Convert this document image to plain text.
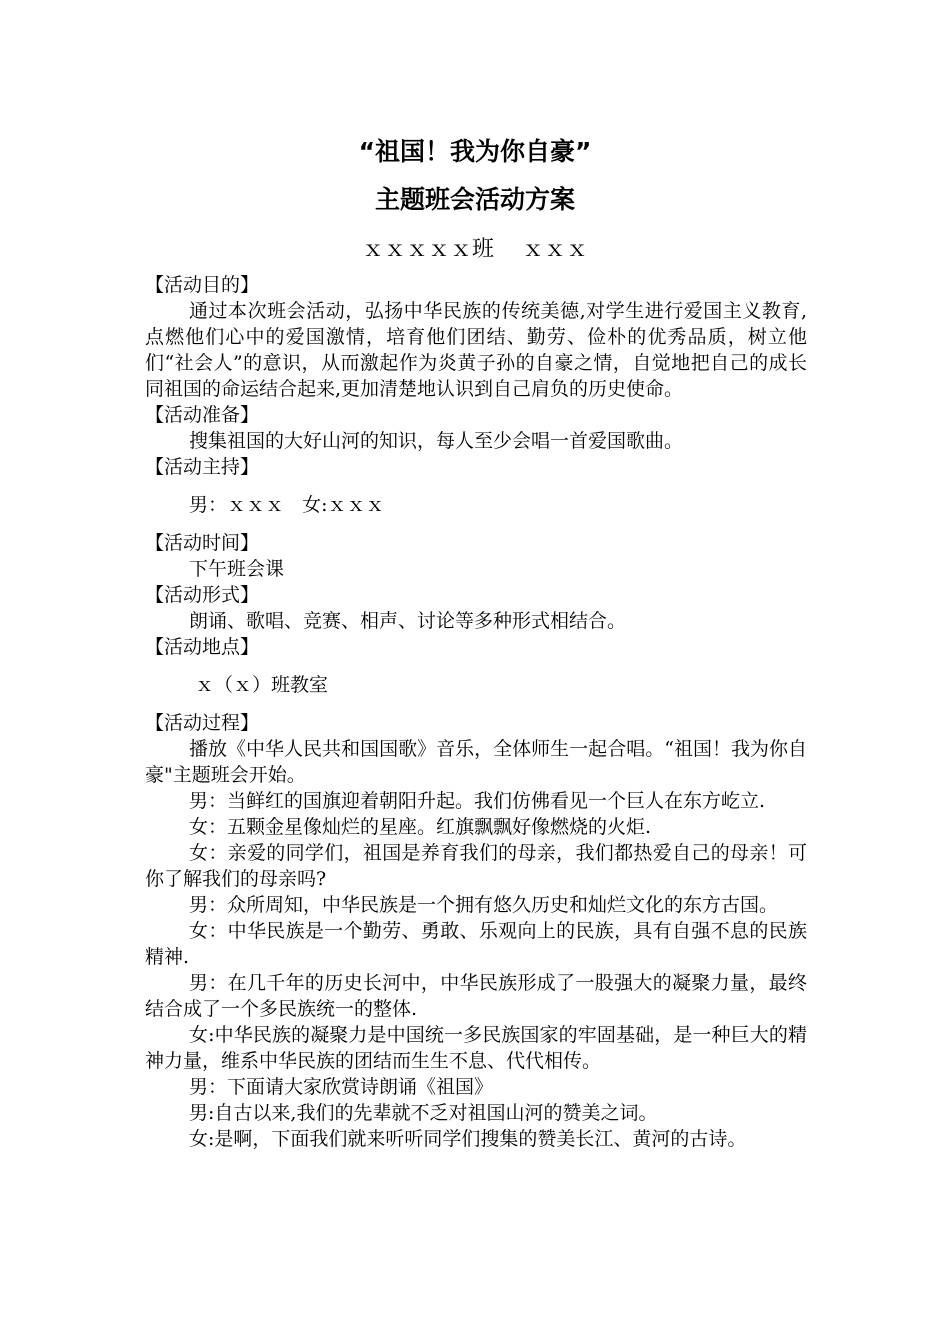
“祖国！我为你自豪”
主题班会活动方案

ｘｘｘｘｘ班    ｘｘｘ

【活动目的】

通过本次班会活动，弘扬中华民族的传统美德,对学生进行爱国主义教育,点燃他们心中的爱国激情，培育他们团结、勤劳、俭朴的优秀品质，树立他们“社会人”的意识，从而激起作为炎黄子孙的自豪之情，自觉地把自己的成长同祖国的命运结合起来,更加清楚地认识到自己肩负的历史使命。

【活动准备】

搜集祖国的大好山河的知识，每人至少会唱一首爱国歌曲。

【活动主持】

男：ｘｘｘ   女:ｘｘｘ

【活动时间】

下午班会课

【活动形式】

朗诵、歌唱、竞赛、相声、讨论等多种形式相结合。

【活动地点】

ｘ（ｘ）班教室

【活动过程】

播放《中华人民共和国国歌》音乐，全体师生一起合唱。“祖国！我为你自豪"主题班会开始。

男：当鲜红的国旗迎着朝阳升起。我们仿佛看见一个巨人在东方屹立.

女：五颗金星像灿烂的星座。红旗飘飘好像燃烧的火炬.

女：亲爱的同学们，祖国是养育我们的母亲，我们都热爱自己的母亲！可你了解我们的母亲吗?

男：众所周知，中华民族是一个拥有悠久历史和灿烂文化的东方古国。

女：中华民族是一个勤劳、勇敢、乐观向上的民族，具有自强不息的民族精神.

男：在几千年的历史长河中，中华民族形成了一股强大的凝聚力量，最终结合成了一个多民族统一的整体.

女:中华民族的凝聚力是中国统一多民族国家的牢固基础，是一种巨大的精神力量，维系中华民族的团结而生生不息、代代相传。

男：下面请大家欣赏诗朗诵《祖国》

男:自古以来,我们的先辈就不乏对祖国山河的赞美之词。

女:是啊，下面我们就来听听同学们搜集的赞美长江、黄河的古诗。
